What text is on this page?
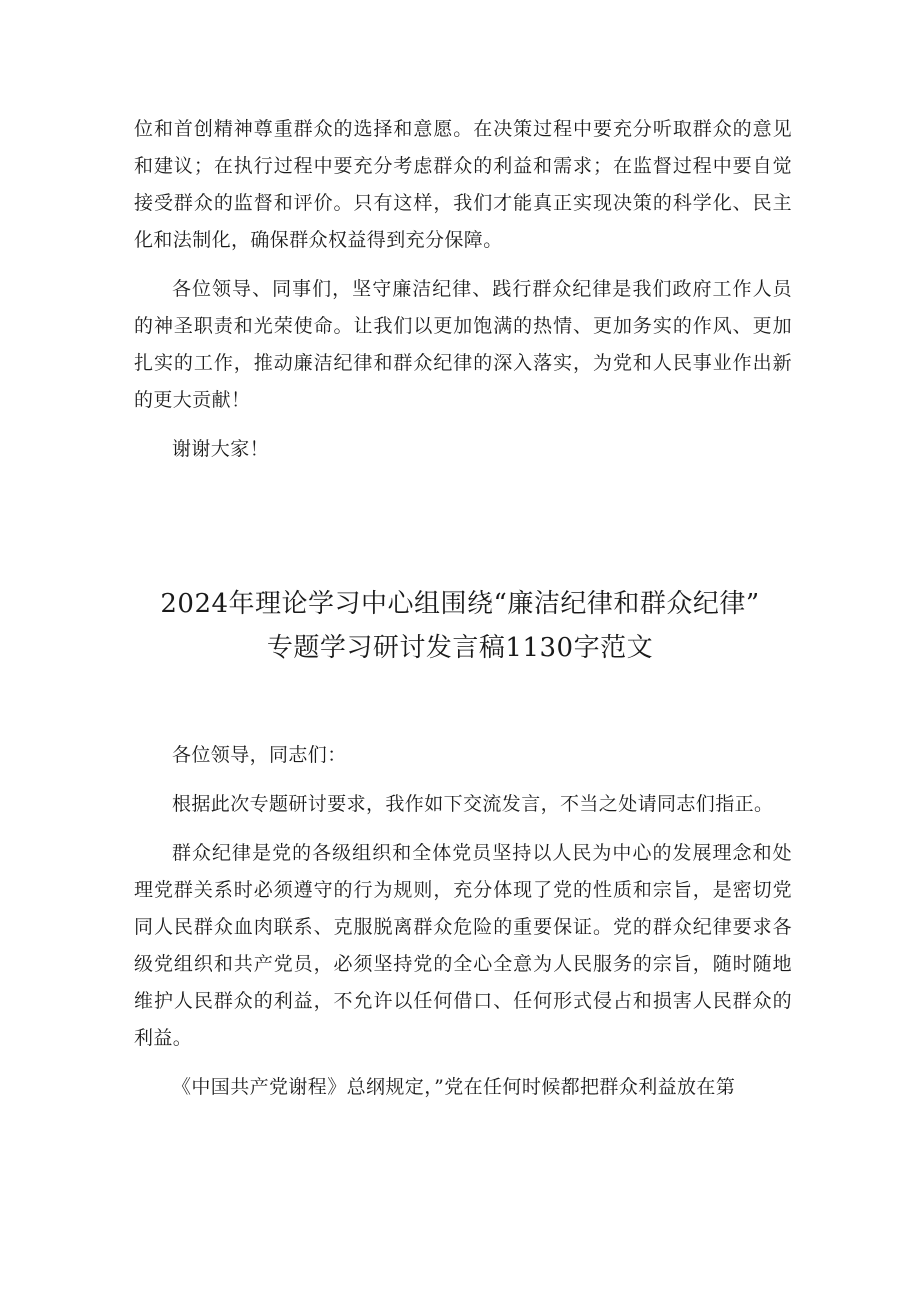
位和首创精神尊重群众的选择和意愿。在决策过程中要充分听取群众的意见和建议；在执行过程中要充分考虑群众的利益和需求；在监督过程中要自觉接受群众的监督和评价。只有这样，我们才能真正实现决策的科学化、民主化和法制化，确保群众权益得到充分保障。

各位领导、同事们，坚守廉洁纪律、践行群众纪律是我们政府工作人员的神圣职责和光荣使命。让我们以更加饱满的热情、更加务实的作风、更加扎实的工作，推动廉洁纪律和群众纪律的深入落实，为党和人民事业作出新的更大贡献！

谢谢大家！

2024年理论学习中心组围绕“廉洁纪律和群众纪律”
专题学习研讨发言稿1130字范文

各位领导，同志们：

根据此次专题研讨要求，我作如下交流发言，不当之处请同志们指正。

群众纪律是党的各级组织和全体党员坚持以人民为中心的发展理念和处理党群关系时必须遵守的行为规则，充分体现了党的性质和宗旨，是密切党同人民群众血肉联系、克服脱离群众危险的重要保证。党的群众纪律要求各级党组织和共产党员，必须坚持党的全心全意为人民服务的宗旨，随时随地维护人民群众的利益，不允许以任何借口、任何形式侵占和损害人民群众的利益。

《中国共产党谢程》总纲规定，”党在任何时候都把群众利益放在第
